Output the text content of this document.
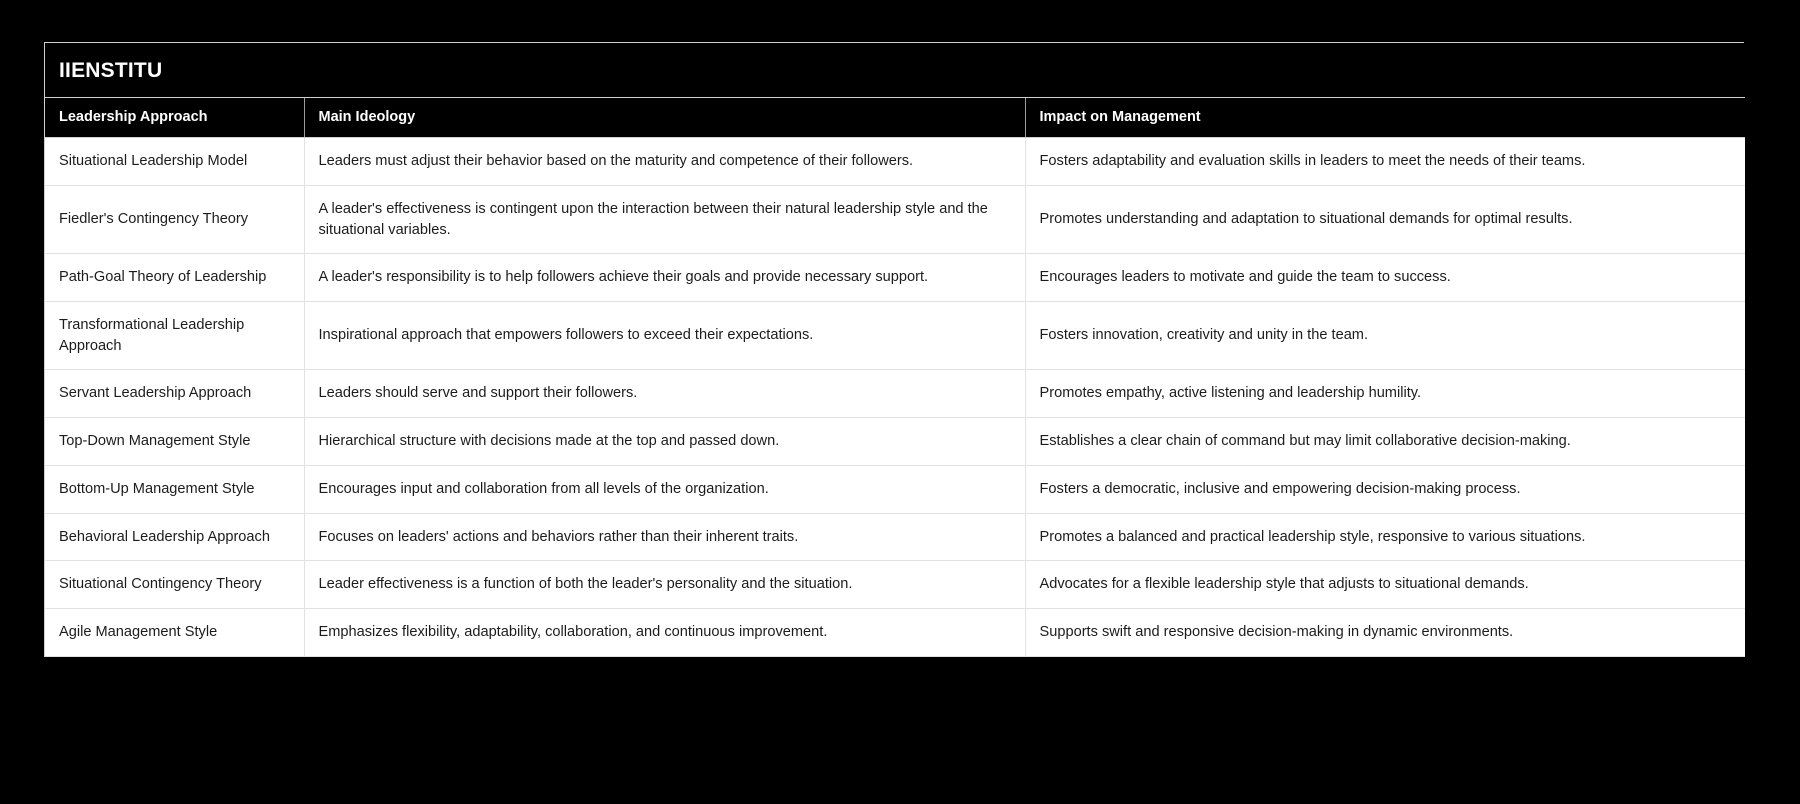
IIENSTITU		

Leadership Approach	Main Ideology	Impact on Management
Situational Leadership Model	Leaders must adjust their behavior based on the maturity and competence of their followers.	Fosters adaptability and evaluation skills in leaders to meet the needs of their teams.
Fiedler's Contingency Theory	A leader's effectiveness is contingent upon the interaction between their natural leadership style and the situational variables.	Promotes understanding and adaptation to situational demands for optimal results.
Path-Goal Theory of Leadership	A leader's responsibility is to help followers achieve their goals and provide necessary support.	Encourages leaders to motivate and guide the team to success.
Transformational Leadership Approach	Inspirational approach that empowers followers to exceed their expectations.	Fosters innovation, creativity and unity in the team.
Servant Leadership Approach	Leaders should serve and support their followers.	Promotes empathy, active listening and leadership humility.
Top-Down Management Style	Hierarchical structure with decisions made at the top and passed down.	Establishes a clear chain of command but may limit collaborative decision-making.
Bottom-Up Management Style	Encourages input and collaboration from all levels of the organization.	Fosters a democratic, inclusive and empowering decision-making process.
Behavioral Leadership Approach	Focuses on leaders' actions and behaviors rather than their inherent traits.	Promotes a balanced and practical leadership style, responsive to various situations.
Situational Contingency Theory	Leader effectiveness is a function of both the leader's personality and the situation.	Advocates for a flexible leadership style that adjusts to situational demands.
Agile Management Style	Emphasizes flexibility, adaptability, collaboration, and continuous improvement.	Supports swift and responsive decision-making in dynamic environments.
